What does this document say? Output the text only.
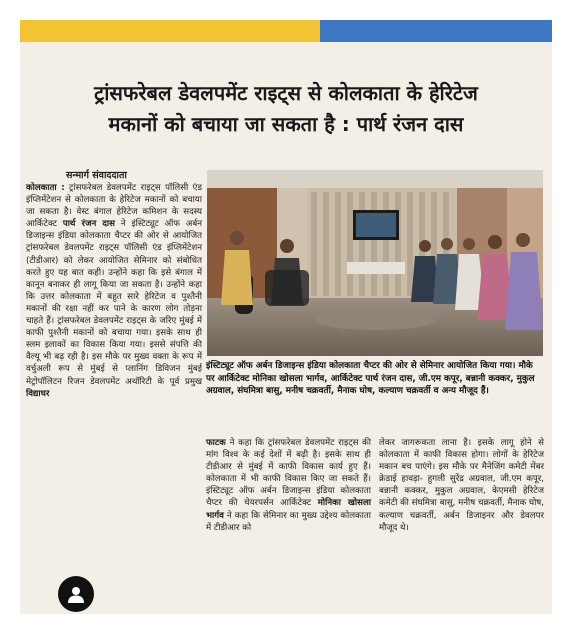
ट्रांसफरेबल डेवलपमेंट राइट्स से कोलकाता के हेरिटेज
मकानों को बचाया जा सकता है : पार्थ रंजन दास
सन्मार्ग संवाददाता

कोलकाता : ट्रांसफरेबल डेवलपमेंट राइट्स पॉलिसी एंड इंप्लिमेंटेशन से कोलकाता के हेरिटेज मकानों को बचाया जा सकता है। वेस्ट बंगाल हेरिटेज कमिशन के सदस्य आर्किटेक्ट पार्थ रंजन दास ने इंस्टिट्यूट ऑफ अर्बन डिजाइन्स इंडिया कोलकाता चैप्टर की ओर से आयोजित ट्रांसफरेबल डेवलपमेंट राइट्स पॉलिसी एंड इंप्लिमेंटेशन (टीडीआर) को लेकर आयोजित सेमिनार को संबोधित करते हुए यह बात कही। उन्होंने कहा कि इसे बंगाल में कानून बनाकर ही लागू किया जा सकता है। उन्होंने कहा कि उत्तर कोलकाता में बहुत सारे हेरिटेज व पुश्तैनी मकानों की रक्षा नहीं कर पाने के कारण लोग तोड़ना चाहते हैं। ट्रांसफरेबल डेवलपमेंट राइट्स के जरिए मुंबई में काफी पुश्तैनी मकानों को बचाया गया। इसके साथ ही स्लम इलाकों का विकास किया गया। इससे संपत्ति की वैल्यू भी बढ़ रही है। इस मौके पर मुख्य वक्ता के रूप में वर्चुअली रूप से मुंबई से प्लानिंग डिविजन मुंबई मेट्रोपॉलिटन रिजन डेवलपमेंट अथॉरिटी के पूर्व प्रमुख विद्याधर

इंस्टिट्यूट ऑफ अर्बन डिजाइन्स इंडिया कोलकाता चैप्टर की ओर से सेमिनार आयोजित किया गया। मौके पर आर्किटेक्ट मोनिका खोसला भार्गव, आर्किटेक्ट पार्थ रंजन दास, जी.एम कपूर, बन्नानी कक्कर, मुकुल अग्रवाल, संघमित्रा बासु, मनीष चक्रवर्ती, मैनाक घोष, कल्याण चक्रवर्ती व अन्य मौजूद हैं।

फाटक ने कहा कि ट्रांसफरेबल डेवलपमेंट राइट्स की मांग विश्व के कई देशों में बढ़ी है। इसके साथ ही टीडीआर से मुंबई में काफी विकास कार्य हुए हैं। कोलकाता में भी काफी विकास किए जा सकते हैं। इंस्टिट्यूट ऑफ अर्बन डिजाइन्स इंडिया कोलकाता चैप्टर की चेयरपर्सन आर्किटेक्ट मोनिका खोसला भार्गव ने कहा कि सेमिनार का मुख्य उद्देश्य कोलकाता में टीडीआर को

लेकर जागरूकता लाना है। इसके लागू होने से कोलकाता में काफी विकास होगा। लोगों के हेरिटेज मकान बच पाएंगे। इस मौके पर मैनेजिंग कमेटी मेंबर क्रेडाई हावड़ा- हुगली सुरेंद्र अग्रवाल, जी.एम कपूर, बन्नानी कक्कर, मुकुल अग्रवाल, केएमसी हेरिटेज कमेटी की संघमित्रा बासु, मनीष चक्रवर्ती, मैनाक घोष, कल्याण चक्रवर्ती, अर्बन डिजाइनर और डेवलपर मौजूद थे।
